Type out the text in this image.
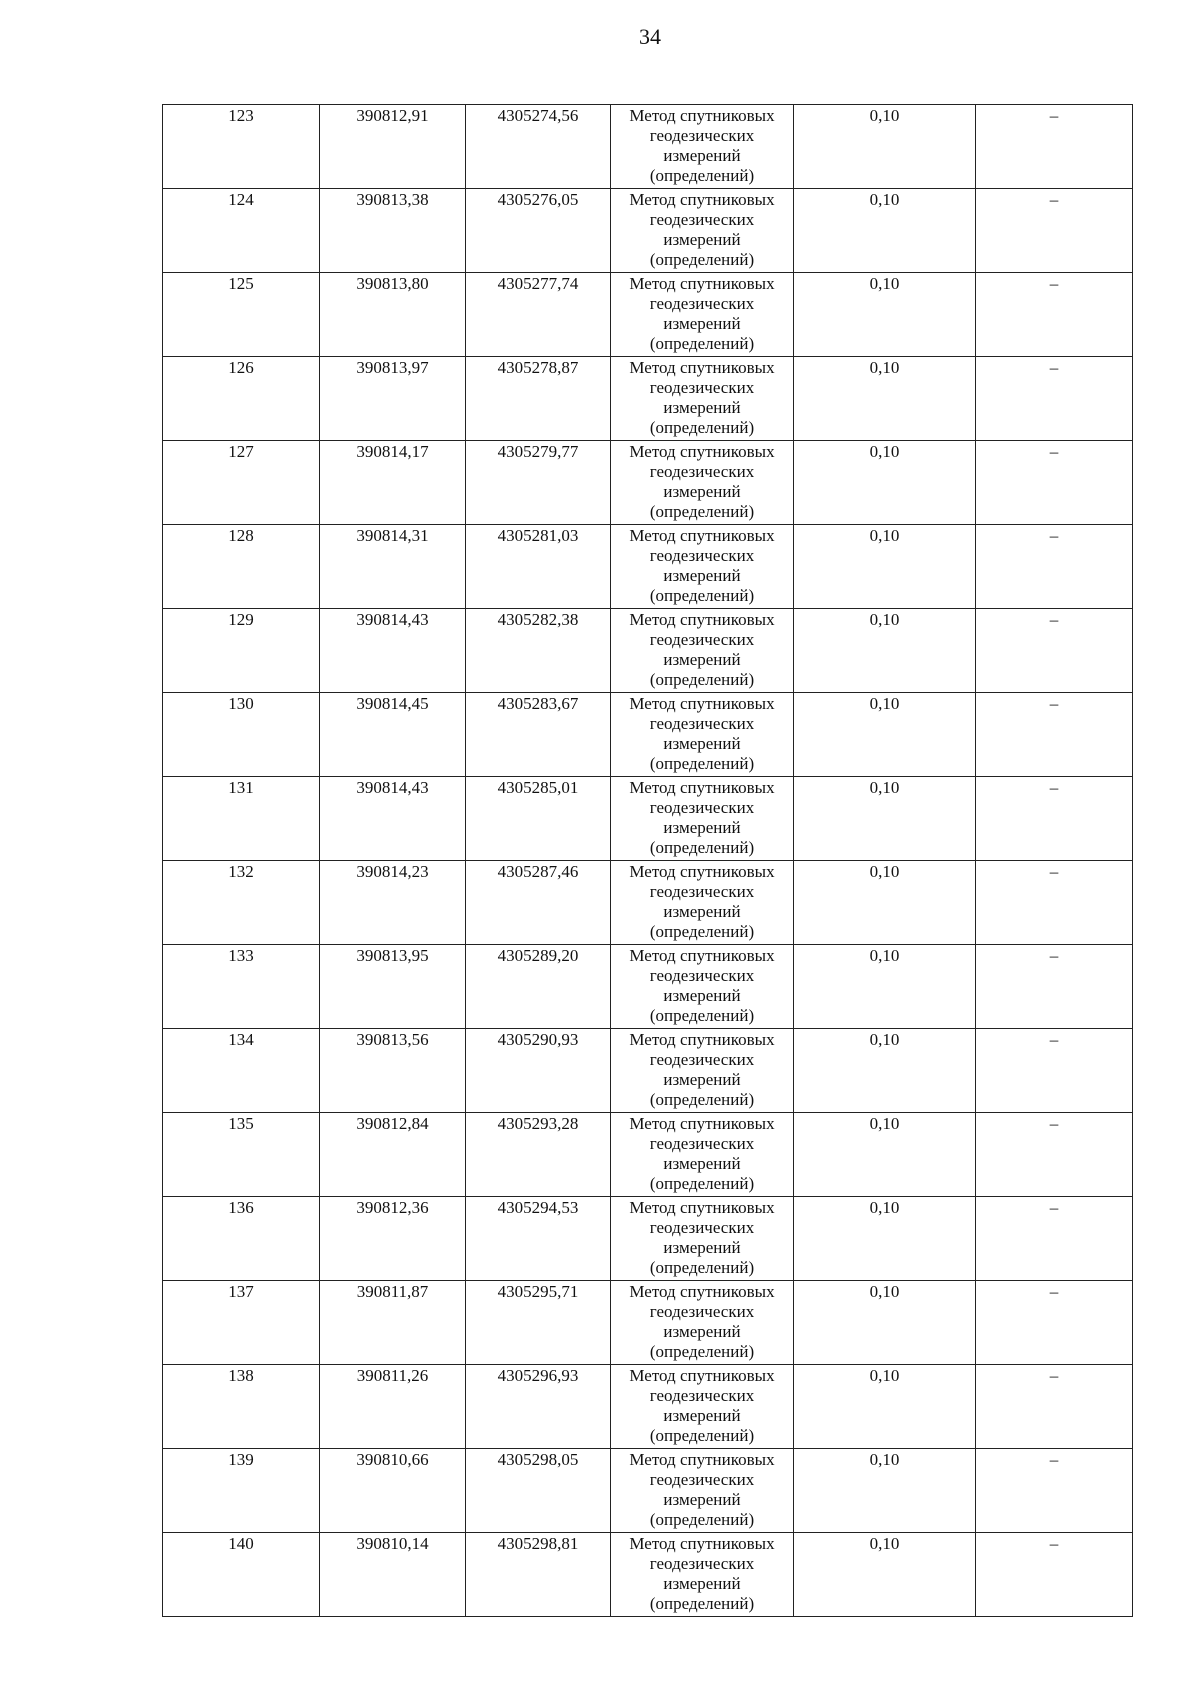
34
123	390812,91	4305274,56	Метод спутниковых
геодезических
измерений
(определений)	0,10	–
124	390813,38	4305276,05	Метод спутниковых
геодезических
измерений
(определений)	0,10	–
125	390813,80	4305277,74	Метод спутниковых
геодезических
измерений
(определений)	0,10	–
126	390813,97	4305278,87	Метод спутниковых
геодезических
измерений
(определений)	0,10	–
127	390814,17	4305279,77	Метод спутниковых
геодезических
измерений
(определений)	0,10	–
128	390814,31	4305281,03	Метод спутниковых
геодезических
измерений
(определений)	0,10	–
129	390814,43	4305282,38	Метод спутниковых
геодезических
измерений
(определений)	0,10	–
130	390814,45	4305283,67	Метод спутниковых
геодезических
измерений
(определений)	0,10	–
131	390814,43	4305285,01	Метод спутниковых
геодезических
измерений
(определений)	0,10	–
132	390814,23	4305287,46	Метод спутниковых
геодезических
измерений
(определений)	0,10	–
133	390813,95	4305289,20	Метод спутниковых
геодезических
измерений
(определений)	0,10	–
134	390813,56	4305290,93	Метод спутниковых
геодезических
измерений
(определений)	0,10	–
135	390812,84	4305293,28	Метод спутниковых
геодезических
измерений
(определений)	0,10	–
136	390812,36	4305294,53	Метод спутниковых
геодезических
измерений
(определений)	0,10	–
137	390811,87	4305295,71	Метод спутниковых
геодезических
измерений
(определений)	0,10	–
138	390811,26	4305296,93	Метод спутниковых
геодезических
измерений
(определений)	0,10	–
139	390810,66	4305298,05	Метод спутниковых
геодезических
измерений
(определений)	0,10	–
140	390810,14	4305298,81	Метод спутниковых
геодезических
измерений
(определений)	0,10	–
